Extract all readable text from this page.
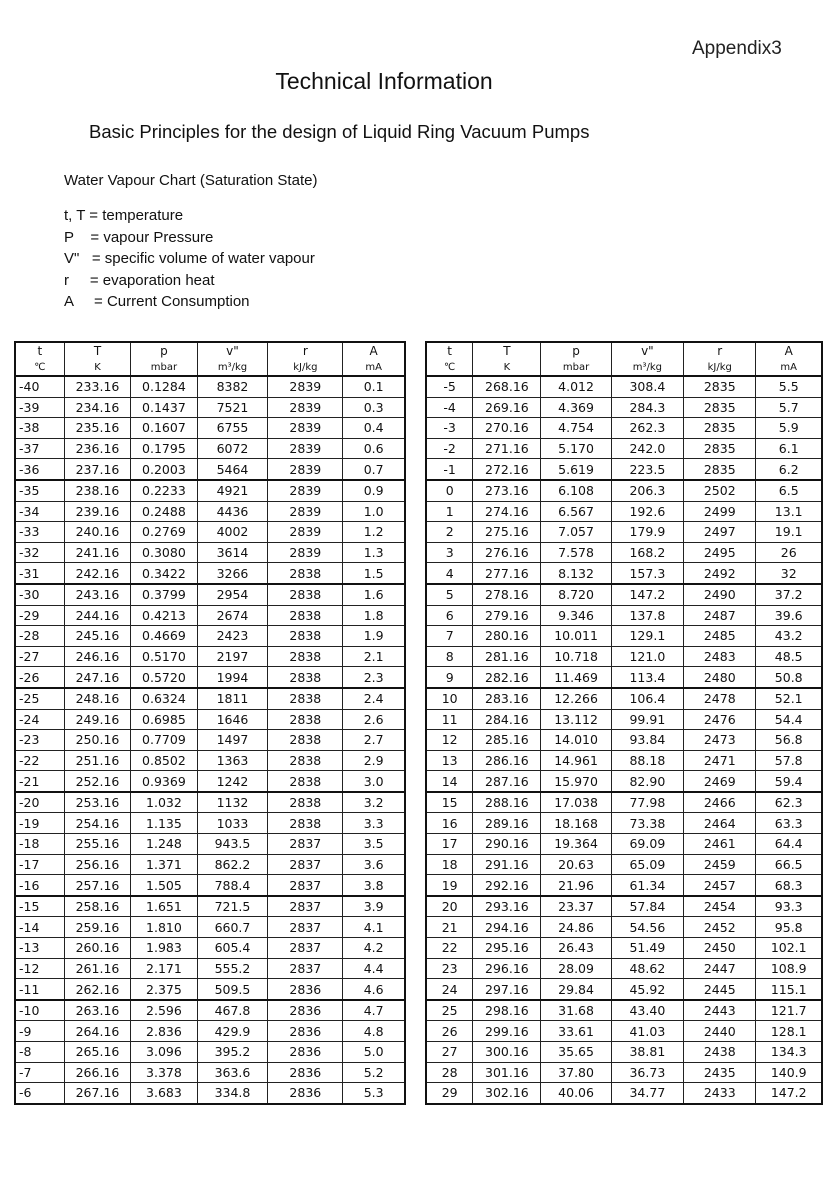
Appendix3
Technical Information
Basic Principles for the design of Liquid Ring Vacuum Pumps
Water Vapour Chart (Saturation State)
t, T = temperature
P    = vapour Pressure
V"   = specific volume of water vapour
r     = evaporation heat
A     = Current Consumption
t	T	p	v"	r	A
℃	K	mbar	m³/kg	kJ/kg	mA
-40	233.16	0.1284	8382	2839	0.1
-39	234.16	0.1437	7521	2839	0.3
-38	235.16	0.1607	6755	2839	0.4
-37	236.16	0.1795	6072	2839	0.6
-36	237.16	0.2003	5464	2839	0.7
-35	238.16	0.2233	4921	2839	0.9
-34	239.16	0.2488	4436	2839	1.0
-33	240.16	0.2769	4002	2839	1.2
-32	241.16	0.3080	3614	2839	1.3
-31	242.16	0.3422	3266	2838	1.5
-30	243.16	0.3799	2954	2838	1.6
-29	244.16	0.4213	2674	2838	1.8
-28	245.16	0.4669	2423	2838	1.9
-27	246.16	0.5170	2197	2838	2.1
-26	247.16	0.5720	1994	2838	2.3
-25	248.16	0.6324	1811	2838	2.4
-24	249.16	0.6985	1646	2838	2.6
-23	250.16	0.7709	1497	2838	2.7
-22	251.16	0.8502	1363	2838	2.9
-21	252.16	0.9369	1242	2838	3.0
-20	253.16	1.032	1132	2838	3.2
-19	254.16	1.135	1033	2838	3.3
-18	255.16	1.248	943.5	2837	3.5
-17	256.16	1.371	862.2	2837	3.6
-16	257.16	1.505	788.4	2837	3.8
-15	258.16	1.651	721.5	2837	3.9
-14	259.16	1.810	660.7	2837	4.1
-13	260.16	1.983	605.4	2837	4.2
-12	261.16	2.171	555.2	2837	4.4
-11	262.16	2.375	509.5	2836	4.6
-10	263.16	2.596	467.8	2836	4.7
-9	264.16	2.836	429.9	2836	4.8
-8	265.16	3.096	395.2	2836	5.0
-7	266.16	3.378	363.6	2836	5.2
-6	267.16	3.683	334.8	2836	5.3
t	T	p	v"	r	A
℃	K	mbar	m³/kg	kJ/kg	mA
-5	268.16	4.012	308.4	2835	5.5
-4	269.16	4.369	284.3	2835	5.7
-3	270.16	4.754	262.3	2835	5.9
-2	271.16	5.170	242.0	2835	6.1
-1	272.16	5.619	223.5	2835	6.2
0	273.16	6.108	206.3	2502	6.5
1	274.16	6.567	192.6	2499	13.1
2	275.16	7.057	179.9	2497	19.1
3	276.16	7.578	168.2	2495	26
4	277.16	8.132	157.3	2492	32
5	278.16	8.720	147.2	2490	37.2
6	279.16	9.346	137.8	2487	39.6
7	280.16	10.011	129.1	2485	43.2
8	281.16	10.718	121.0	2483	48.5
9	282.16	11.469	113.4	2480	50.8
10	283.16	12.266	106.4	2478	52.1
11	284.16	13.112	99.91	2476	54.4
12	285.16	14.010	93.84	2473	56.8
13	286.16	14.961	88.18	2471	57.8
14	287.16	15.970	82.90	2469	59.4
15	288.16	17.038	77.98	2466	62.3
16	289.16	18.168	73.38	2464	63.3
17	290.16	19.364	69.09	2461	64.4
18	291.16	20.63	65.09	2459	66.5
19	292.16	21.96	61.34	2457	68.3
20	293.16	23.37	57.84	2454	93.3
21	294.16	24.86	54.56	2452	95.8
22	295.16	26.43	51.49	2450	102.1
23	296.16	28.09	48.62	2447	108.9
24	297.16	29.84	45.92	2445	115.1
25	298.16	31.68	43.40	2443	121.7
26	299.16	33.61	41.03	2440	128.1
27	300.16	35.65	38.81	2438	134.3
28	301.16	37.80	36.73	2435	140.9
29	302.16	40.06	34.77	2433	147.2
